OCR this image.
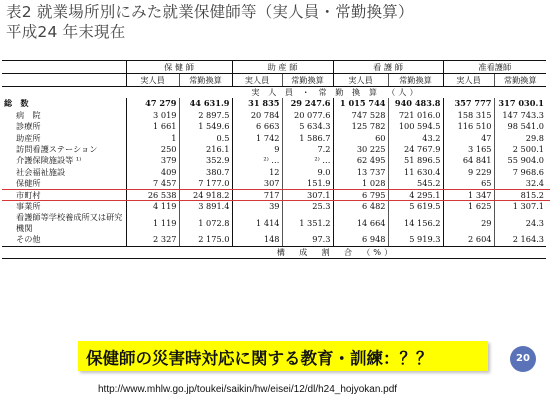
表2 就業場所別にみた就業保健師等（実人員・常勤換算）
平成24 年末現在
	保 健 師		助 産 師		看 護 師		准看護師	
	実人員	常勤換算	実人員	常勤換算	実人員	常勤換算	実人員	常勤換算
	実 人 員 ・ 常 勤 換 算　（人）							
総　数	47 279	44 631.9	31 835	29 247.6	1 015 744	940 483.8	357 777	317 030.1
病　院	3 019	2 897.5	20 784	20 077.6	747 528	721 016.0	158 315	147 743.3
診療所	1 661	1 549.6	6 663	5 634.3	125 782	100 594.5	116 510	98 541.0
助産所	1	0.5	1 742	1 586.7	60	43.2	47	29.8
訪問看護ステーション	250	216.1	9	7.2	30 225	24 767.9	3 165	2 500.1
介護保険施設等 ¹⁾	379	352.9	²⁾ …	²⁾ …	62 495	51 896.5	64 841	55 904.0
社会福祉施設	409	380.7	12	9.0	13 737	11 630.4	9 229	7 968.6
保健所	7 457	7 177.0	307	151.9	1 028	545.2	65	32.4
市町村	26 538	24 918.2	717	307.1	6 795	4 295.1	1 347	815.2
事業所	4 119	3 891.4	39	25.3	6 482	5 619.5	1 625	1 307.1
看護師等学校養成所又は研究機関	1 119	1 072.8	1 414	1 351.2	14 664	14 156.2	29	24.3
その他	2 327	2 175.0	148	97.3	6 948	5 919.3	2 604	2 164.3
	構　成　割　合　（%）							
保健師の災害時対応に関する教育・訓練：？？	20
http://www.mhlw.go.jp/toukei/saikin/hw/eisei/12/dl/h24_hojyokan.pdf
